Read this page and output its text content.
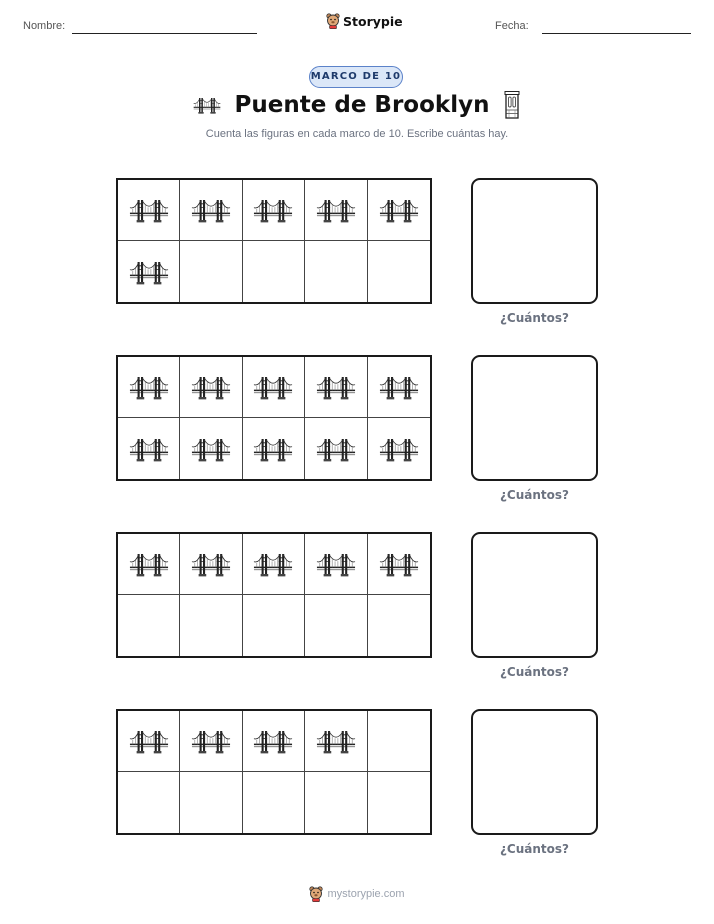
Nombre:	Storypie	Fecha:
MARCO DE 10
Puente de Brooklyn
Cuenta las figuras en cada marco de 10. Escribe cuántas hay.
¿Cuántos?
¿Cuántos?
¿Cuántos?
¿Cuántos?
mystorypie.com
